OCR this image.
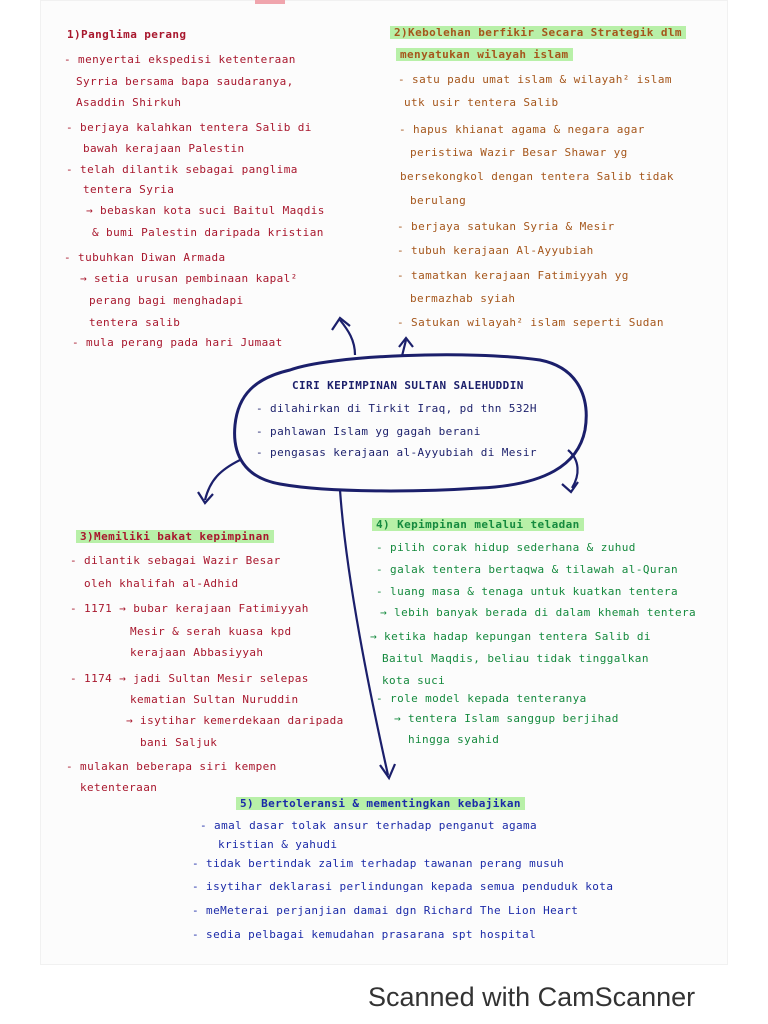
1)Panglima perang
- menyertai ekspedisi ketenteraan
Syrria bersama bapa saudaranya,
Asaddin Shirkuh
- berjaya kalahkan tentera Salib di
bawah kerajaan Palestin
- telah dilantik sebagai panglima
tentera Syria
→ bebaskan kota suci Baitul Maqdis
& bumi Palestin daripada kristian
- tubuhkan Diwan Armada
→ setia urusan pembinaan kapal²
perang bagi menghadapi
tentera salib
- mula perang pada hari Jumaat
2)Kebolehan berfikir Secara Strategik dlm
menyatukan wilayah islam
- satu padu umat islam & wilayah² islam
utk usir tentera Salib
- hapus khianat agama & negara agar
peristiwa Wazir Besar Shawar yg
bersekongkol dengan tentera Salib tidak
berulang
- berjaya satukan Syria & Mesir
- tubuh kerajaan Al-Ayyubiah
- tamatkan kerajaan Fatimiyyah yg
bermazhab syiah
- Satukan wilayah² islam seperti Sudan
CIRI KEPIMPINAN SULTAN SALEHUDDIN
- dilahirkan di Tirkit Iraq, pd thn 532H
- pahlawan Islam yg gagah berani
- pengasas kerajaan al-Ayyubiah di Mesir
3)Memiliki bakat kepimpinan
- dilantik sebagai Wazir Besar
oleh khalifah al-Adhid
- 1171 → bubar kerajaan Fatimiyyah
Mesir & serah kuasa kpd
kerajaan Abbasiyyah
- 1174 → jadi Sultan Mesir selepas
kematian Sultan Nuruddin
→ isytihar kemerdekaan daripada
bani Saljuk
- mulakan beberapa siri kempen
ketenteraan
4) Kepimpinan melalui teladan
- pilih corak hidup sederhana & zuhud
- galak tentera bertaqwa & tilawah al-Quran
- luang masa & tenaga untuk kuatkan tentera
→ lebih banyak berada di dalam khemah tentera
→ ketika hadap kepungan tentera Salib di
Baitul Maqdis, beliau tidak tinggalkan
kota suci
- role model kepada tenteranya
→ tentera Islam sanggup berjihad
hingga syahid
5) Bertoleransi & mementingkan kebajikan
- amal dasar tolak ansur terhadap penganut agama
kristian & yahudi
- tidak bertindak zalim terhadap tawanan perang musuh
- isytihar deklarasi perlindungan kepada semua penduduk kota
- meMeterai perjanjian damai dgn Richard The Lion Heart
- sedia pelbagai kemudahan prasarana spt hospital
Scanned with CamScanner
